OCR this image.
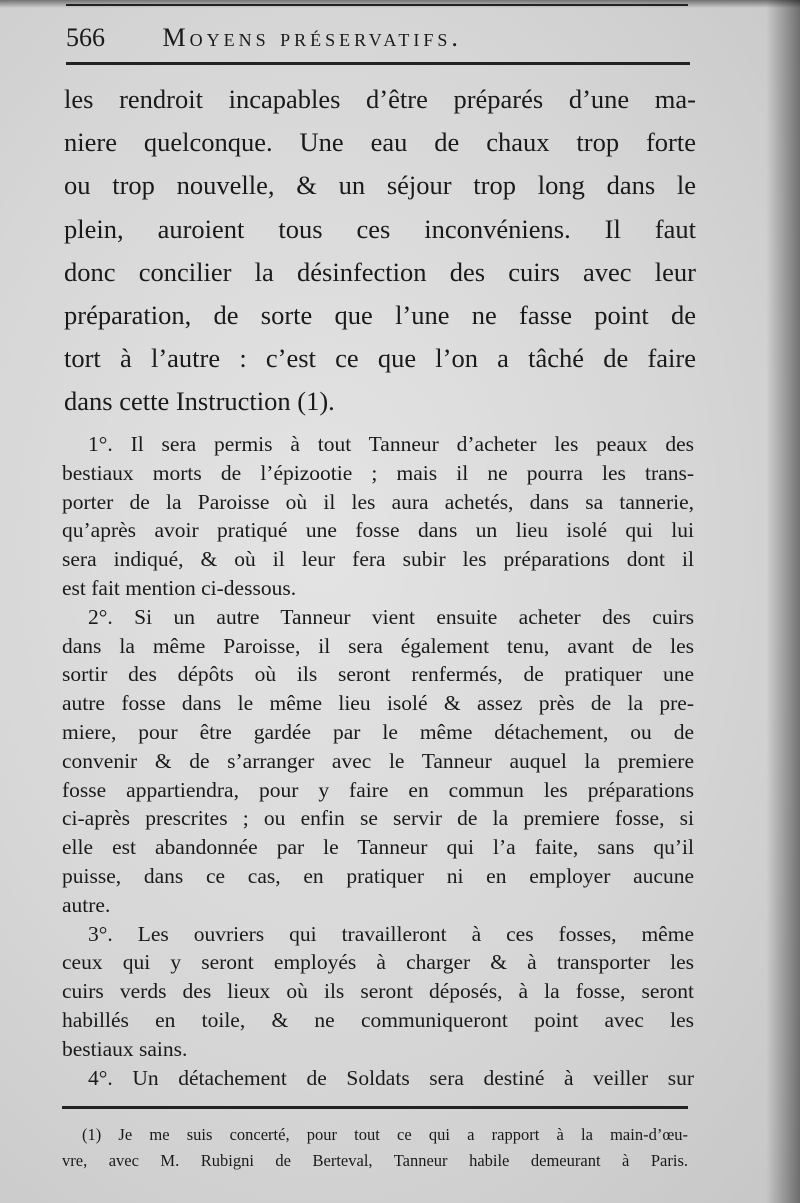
566 Moyens préservatifs.
les rendroit incapables d’être préparés d’une ma-
niere quelconque. Une eau de chaux trop forte
ou trop nouvelle, & un séjour trop long dans le
plein, auroient tous ces inconvéniens. Il faut
donc concilier la désinfection des cuirs avec leur
préparation, de sorte que l’une ne fasse point de
tort à l’autre : c’est ce que l’on a tâché de faire
dans cette Instruction (1).
1°. Il sera permis à tout Tanneur d’acheter les peaux des
bestiaux morts de l’épizootie ; mais il ne pourra les trans-
porter de la Paroisse où il les aura achetés, dans sa tannerie,
qu’après avoir pratiqué une fosse dans un lieu isolé qui lui
sera indiqué, & où il leur fera subir les préparations dont il
est fait mention ci-dessous.
2°. Si un autre Tanneur vient ensuite acheter des cuirs
dans la même Paroisse, il sera également tenu, avant de les
sortir des dépôts où ils seront renfermés, de pratiquer une
autre fosse dans le même lieu isolé & assez près de la pre-
miere, pour être gardée par le même détachement, ou de
convenir & de s’arranger avec le Tanneur auquel la premiere
fosse appartiendra, pour y faire en commun les préparations
ci-après prescrites ; ou enfin se servir de la premiere fosse, si
elle est abandonnée par le Tanneur qui l’a faite, sans qu’il
puisse, dans ce cas, en pratiquer ni en employer aucune
autre.
3°. Les ouvriers qui travailleront à ces fosses, même
ceux qui y seront employés à charger & à transporter les
cuirs verds des lieux où ils seront déposés, à la fosse, seront
habillés en toile, & ne communiqueront point avec les
bestiaux sains.
4°. Un détachement de Soldats sera destiné à veiller sur
(1) Je me suis concerté, pour tout ce qui a rapport à la main-d’œu-
vre, avec M. Rubigni de Berteval, Tanneur habile demeurant à Paris.
